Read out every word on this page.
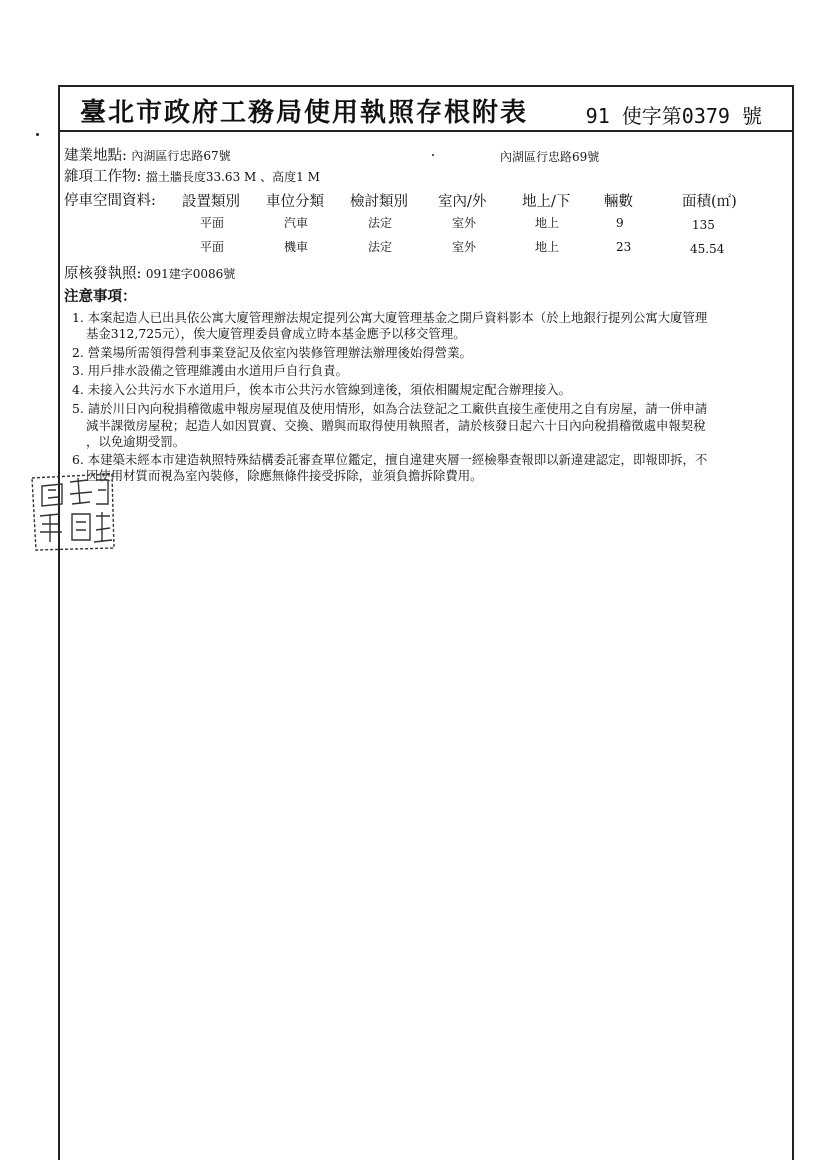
臺北市政府工務局使用執照存根附表	91 使字第0379 號
建業地點: 內湖區行忠路67號	內湖區行忠路69號
雜項工作物: 擋土牆長度33.63 M 、高度1 M
停車空間資料: 設置類別 車位分類 檢討類別 室內/外 地上/下 輛數	面積(㎡)
平面	汽車	法定	室外	地上	9	135
平面	機車	法定	室外	地上	23	45.54
原核發執照: 091建字0086號
注意事項：
1. 本案起造人已出具依公寓大廈管理辦法規定提列公寓大廈管理基金之開戶資料影本（於上地銀行提列公寓大廈管理
基金312,725元），俟大廈管理委員會成立時本基金應予以移交管理。
2. 營業場所需領得營利事業登記及依室內裝修管理辦法辦理後始得營業。
3. 用戶排水設備之管理維護由水道用戶自行負責。
4. 未接入公共污水下水道用戶，俟本市公共污水管線到達後，須依相關規定配合辦理接入。
5. 請於川日內向稅捐稽徵處申報房屋現值及使用情形，如為合法登記之工廠供直接生產使用之自有房屋，請一併申請
減半課徵房屋稅；起造人如因買賣、交換、贈與而取得使用執照者，請於核發日起六十日內向稅捐稽徵處申報契稅
，以免逾期受罰。
6. 本建築未經本市建造執照特殊結構委託審查單位鑑定，擅自違建夾層一經檢舉查報即以新違建認定，即報即拆，不
因使用材質而視為室內裝修，除應無條件接受拆除，並須負擔拆除費用。
